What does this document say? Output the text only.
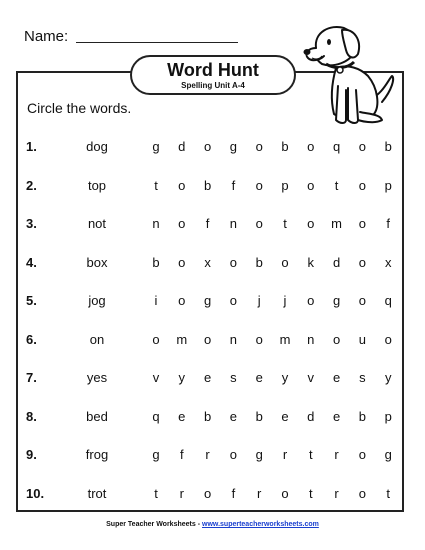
Name:
Word Hunt
Spelling Unit A-4
Circle the words.
1.	dog	g	d	o	g	o	b	o	q	o	b
2.	top	t	o	b	f	o	p	o	t	o	p
3.	not	n	o	f	n	o	t	o	m	o	f
4.	box	b	o	x	o	b	o	k	d	o	x
5.	jog	i	o	g	o	j	j	o	g	o	q
6.	on	o	m	o	n	o	m	n	o	u	o
7.	yes	v	y	e	s	e	y	v	e	s	y
8.	bed	q	e	b	e	b	e	d	e	b	p
9.	frog	g	f	r	o	g	r	t	r	o	g
10.	trot	t	r	o	f	r	o	t	r	o	t
Super Teacher Worksheets - www.superteacherworksheets.com
